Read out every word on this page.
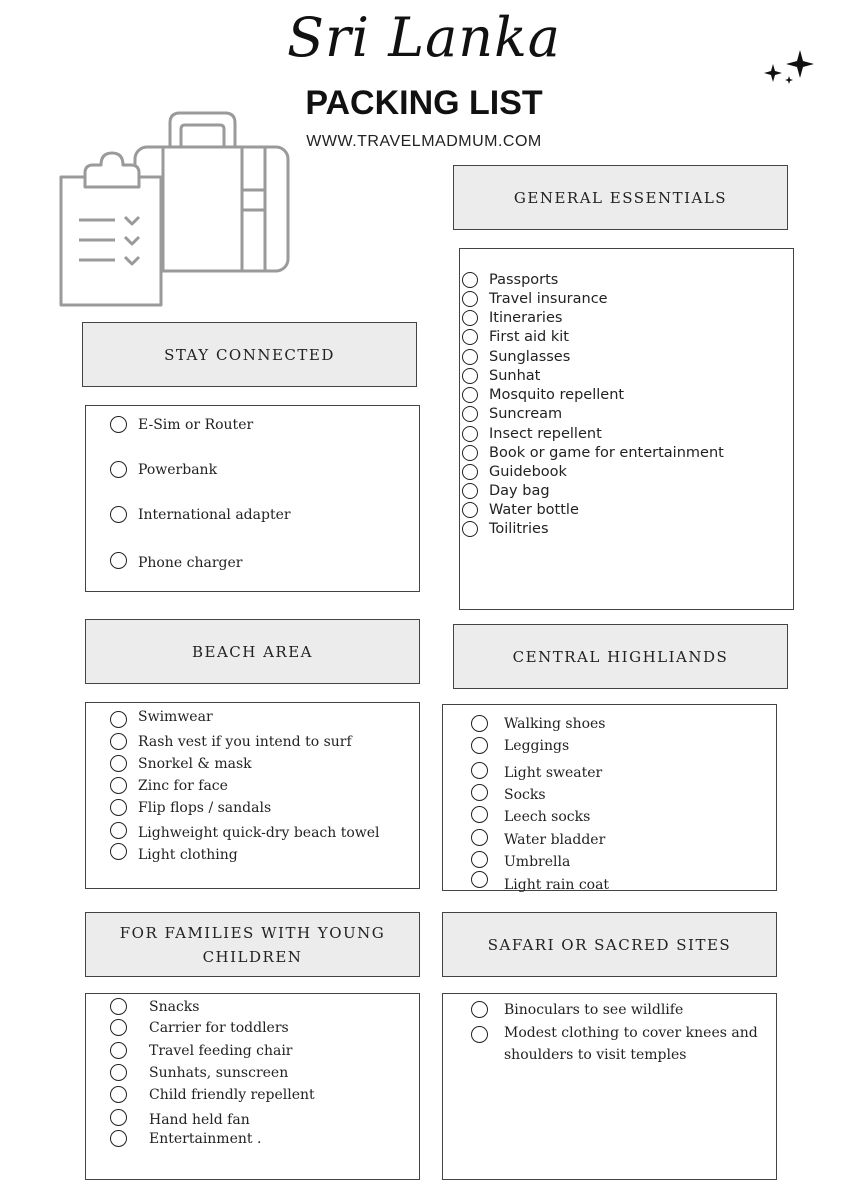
Sri Lanka
PACKING LIST
WWW.TRAVELMADMUM.COM
GENERAL ESSENTIALS
Passports
Travel insurance
Itineraries
First aid kit
Sunglasses
Sunhat
Mosquito repellent
Suncream
Insect repellent
Book or game for entertainment
Guidebook
Day bag
Water bottle
Toilitries
STAY CONNECTED
E-Sim or Router
Powerbank
International adapter
Phone charger
BEACH AREA
Swimwear
Rash vest if you intend to surf
Snorkel & mask
Zinc for face
Flip flops / sandals
Lighweight quick-dry beach towel
Light clothing
CENTRAL HIGHLIANDS
Walking shoes
Leggings
Light sweater
Socks
Leech socks
Water bladder
Umbrella
Light rain coat
FOR FAMILIES WITH YOUNG
CHILDREN
Snacks
Carrier for toddlers
Travel feeding chair
Sunhats, sunscreen
Child friendly repellent
Hand held fan
Entertainment .
SAFARI OR SACRED SITES
Binoculars to see wildlife
Modest clothing to cover knees and
shoulders to visit temples
